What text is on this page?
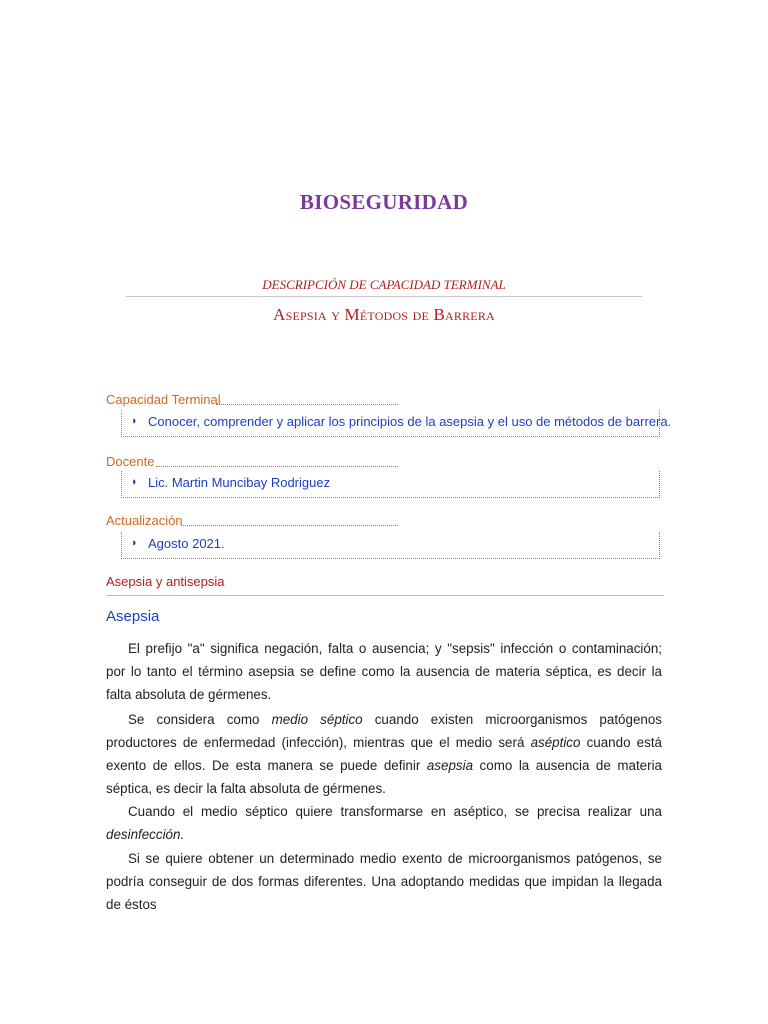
BIOSEGURIDAD
DESCRIPCIÓN DE CAPACIDAD TERMINAL
Asepsia y Métodos de Barrera
Capacidad Terminal
◗ Conocer, comprender y aplicar los principios de la asepsia y el uso de métodos de barrera.
Docente
◗ Lic. Martin Muncibay Rodriguez
Actualización
◗ Agosto 2021.
Asepsia y antisepsia
Asepsia

El prefijo "a" significa negación, falta o ausencia; y "sepsis" infección o contaminación; por lo tanto el término asepsia se define como la ausencia de materia séptica, es decir la falta absoluta de gérmenes.

Se considera como medio séptico cuando existen microorganismos patógenos productores de enfermedad (infección), mientras que el medio será aséptico cuando está exento de ellos. De esta manera se puede definir asepsia como la ausencia de materia séptica, es decir la falta absoluta de gérmenes.

Cuando el medio séptico quiere transformarse en aséptico, se precisa realizar una desinfección.

Si se quiere obtener un determinado medio exento de microorganismos patógenos, se podría conseguir de dos formas diferentes. Una adoptando medidas que impidan la llegada de éstos
